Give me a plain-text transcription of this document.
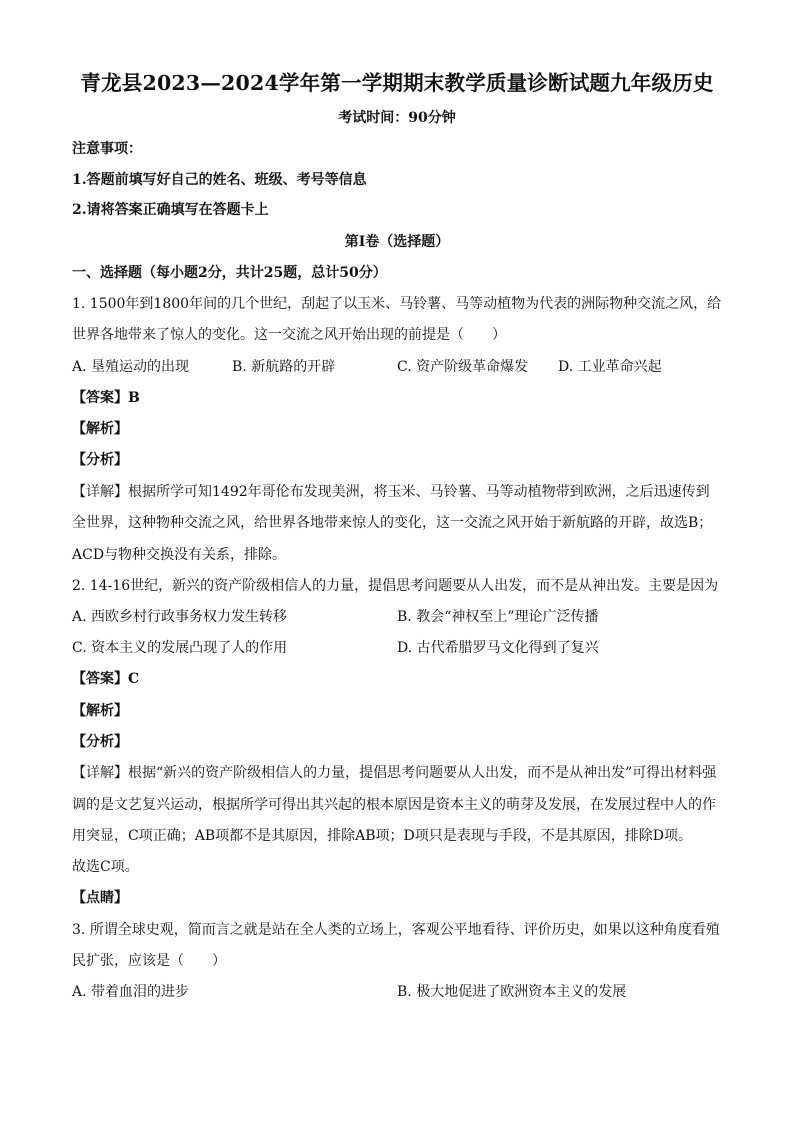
青龙县2023—2024学年第一学期期末教学质量诊断试题九年级历史
考试时间：90分钟
注意事项：
1.答题前填写好自己的姓名、班级、考号等信息
2.请将答案正确填写在答题卡上
第Ⅰ卷（选择题）
一、选择题（每小题2分，共计25题，总计50分）
1. 1500年到1800年间的几个世纪，刮起了以玉米、马铃薯、马等动植物为代表的洲际物种交流之风，给
世界各地带来了惊人的变化。这一交流之风开始出现的前提是（　　）
A. 垦殖运动的出现	B. 新航路的开辟	C. 资产阶级革命爆发 D. 工业革命兴起
【答案】B
【解析】
【分析】
【详解】根据所学可知1492年哥伦布发现美洲，将玉米、马铃薯、马等动植物带到欧洲，之后迅速传到
全世界，这种物种交流之风，给世界各地带来惊人的变化，这一交流之风开始于新航路的开辟，故选B；
ACD与物种交换没有关系，排除。
2. 14-16世纪，新兴的资产阶级相信人的力量，提倡思考问题要从人出发，而不是从神出发。主要是因为
A. 西欧乡村行政事务权力发生转移	B. 教会“神权至上”理论广泛传播
C. 资本主义的发展凸现了人的作用	D. 古代希腊罗马文化得到了复兴
【答案】C
【解析】
【分析】
【详解】根据“新兴的资产阶级相信人的力量，提倡思考问题要从人出发，而不是从神出发”可得出材料强
调的是文艺复兴运动，根据所学可得出其兴起的根本原因是资本主义的萌芽及发展，在发展过程中人的作
用突显，C项正确；AB项都不是其原因，排除AB项；D项只是表现与手段，不是其原因，排除D项。
故选C项。
【点睛】
3. 所谓全球史观，简而言之就是站在全人类的立场上，客观公平地看待、评价历史，如果以这种角度看殖
民扩张，应该是（　　）
A. 带着血泪的进步	B. 极大地促进了欧洲资本主义的发展
